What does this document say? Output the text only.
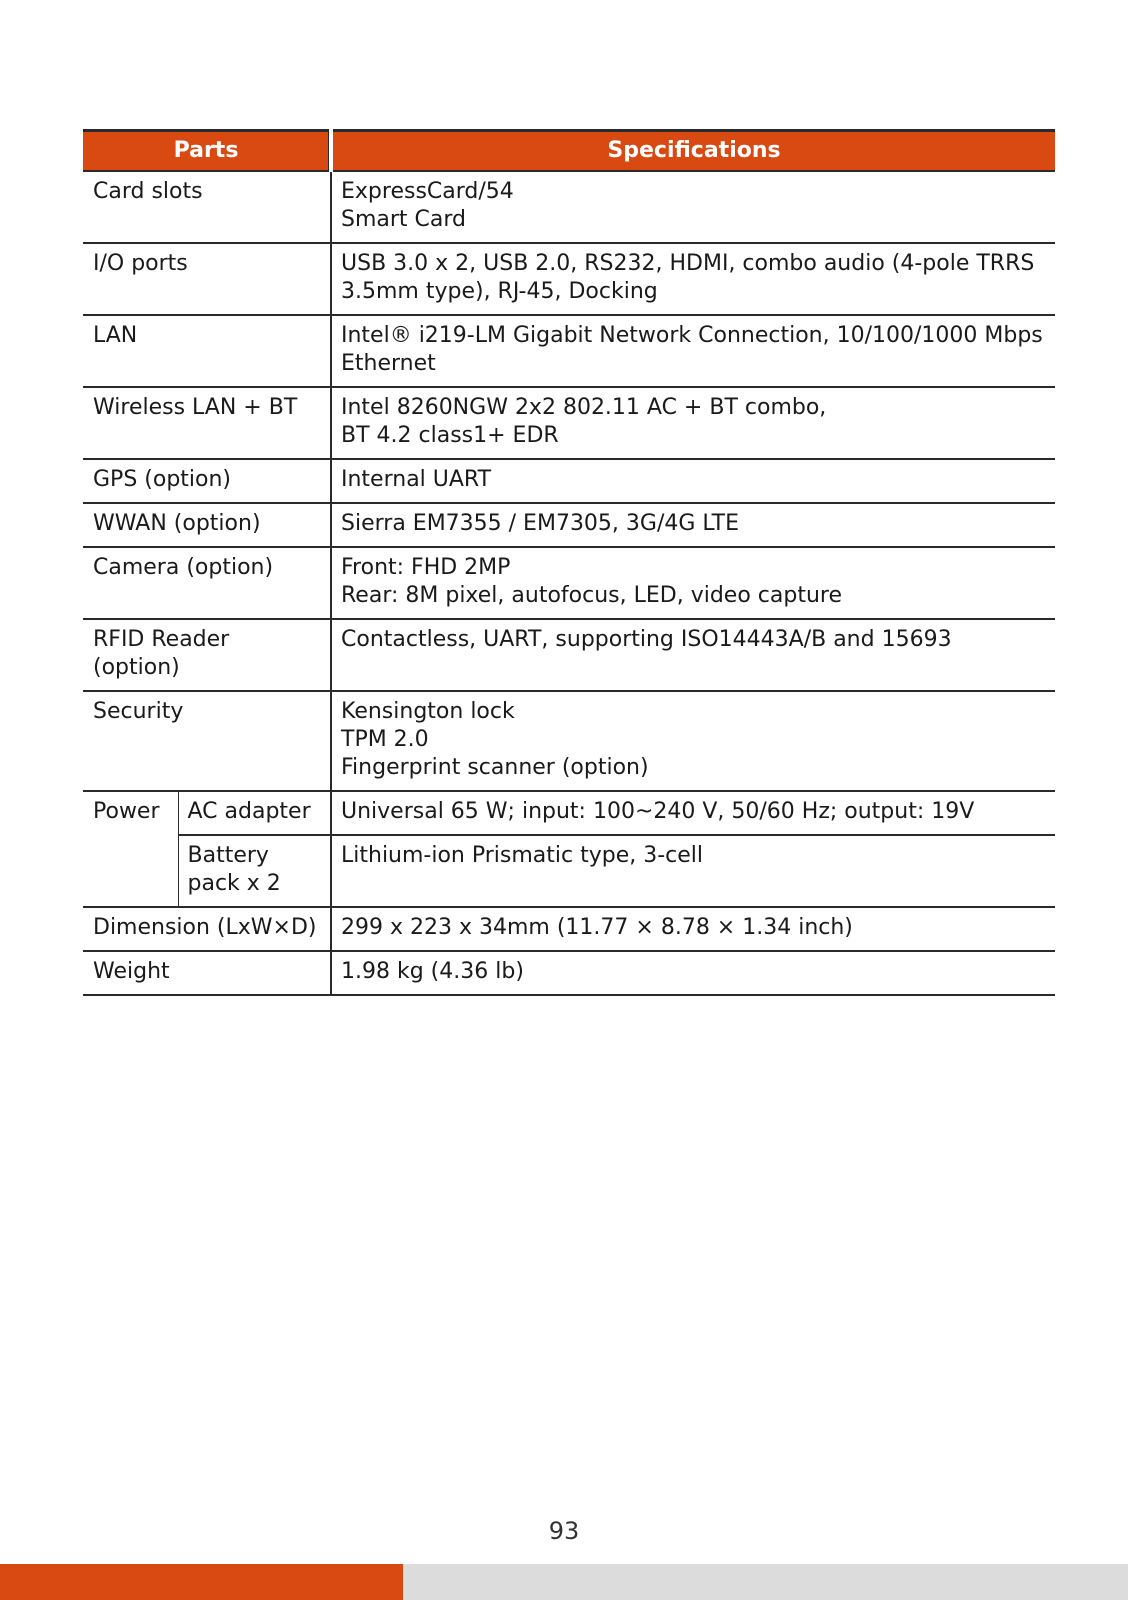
Parts		Specifications
Card slots		ExpressCard/54
Smart Card
I/O ports		USB 3.0 x 2, USB 2.0, RS232, HDMI, combo audio (4-pole TRRS 3.5mm type), RJ-45, Docking
LAN		Intel® i219-LM Gigabit Network Connection, 10/100/1000 Mbps Ethernet
Wireless LAN + BT		Intel 8260NGW 2x2 802.11 AC + BT combo,
BT 4.2 class1+ EDR
GPS (option)		Internal UART
WWAN (option)		Sierra EM7355 / EM7305, 3G/4G LTE
Camera (option)		Front: FHD 2MP
Rear: 8M pixel, autofocus, LED, video capture
RFID Reader (option)		Contactless, UART, supporting ISO14443A/B and 15693
Security		Kensington lock
TPM 2.0
Fingerprint scanner (option)
Power	AC adapter	Universal 65 W; input: 100~240 V, 50/60 Hz; output: 19V
	Battery pack x 2	Lithium-ion Prismatic type, 3-cell
Dimension (LxW×D)		299 x 223 x 34mm (11.77 × 8.78 × 1.34 inch)
Weight		1.98 kg (4.36 lb)
93
